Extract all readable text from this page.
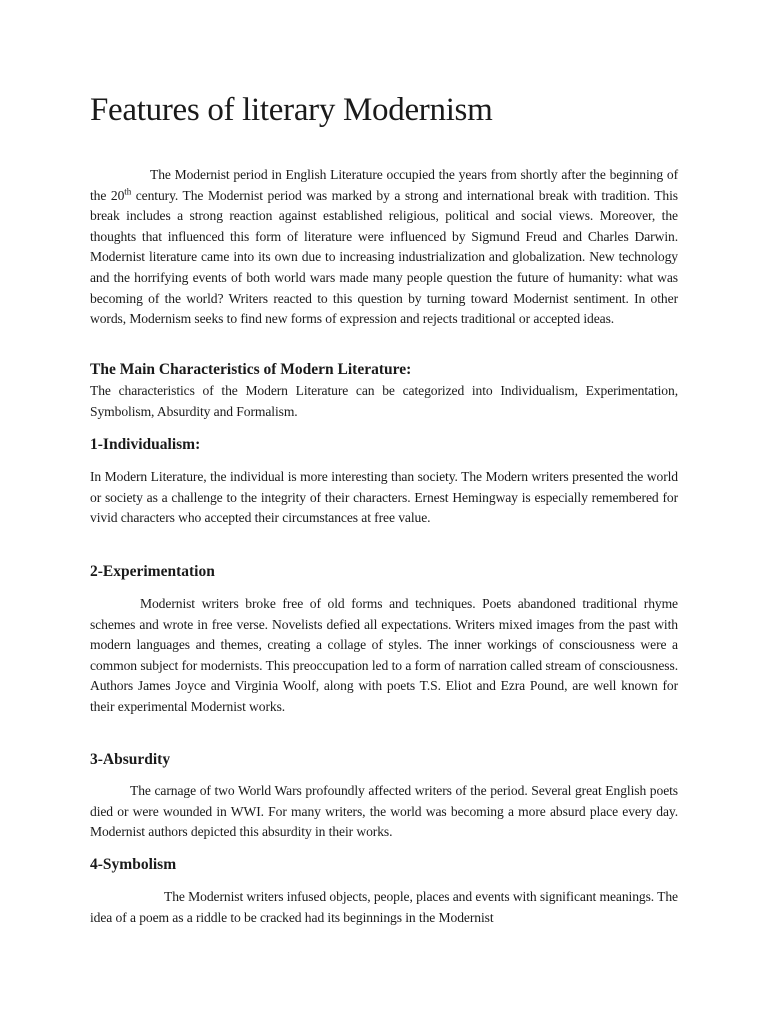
Features of literary Modernism

The Modernist period in English Literature occupied the years from shortly after the beginning of the 20th century. The Modernist period was marked by a strong and international break with tradition. This break includes a strong reaction against established religious, political and social views. Moreover, the thoughts that influenced this form of literature were influenced by Sigmund Freud and Charles Darwin. Modernist literature came into its own due to increasing industrialization and globalization. New technology and the horrifying events of both world wars made many people question the future of humanity: what was becoming of the world? Writers reacted to this question by turning toward Modernist sentiment. In other words, Modernism seeks to find new forms of expression and rejects traditional or accepted ideas.

The Main Characteristics of Modern Literature:

The characteristics of the Modern Literature can be categorized into Individualism, Experimentation, Symbolism, Absurdity and Formalism.

1-Individualism:

In Modern Literature, the individual is more interesting than society. The Modern writers presented the world or society as a challenge to the integrity of their characters. Ernest Hemingway is especially remembered for vivid characters who accepted their circumstances at free value.

2-Experimentation

Modernist writers broke free of old forms and techniques. Poets abandoned traditional rhyme schemes and wrote in free verse. Novelists defied all expectations. Writers mixed images from the past with modern languages and themes, creating a collage of styles. The inner workings of consciousness were a common subject for modernists. This preoccupation led to a form of narration called stream of consciousness. Authors James Joyce and Virginia Woolf, along with poets T.S. Eliot and Ezra Pound, are well known for their experimental Modernist works.

3-Absurdity

The carnage of two World Wars profoundly affected writers of the period. Several great English poets died or were wounded in WWI. For many writers, the world was becoming a more absurd place every day. Modernist authors depicted this absurdity in their works.

4-Symbolism

The Modernist writers infused objects, people, places and events with significant meanings. The idea of a poem as a riddle to be cracked had its beginnings in the Modernist
